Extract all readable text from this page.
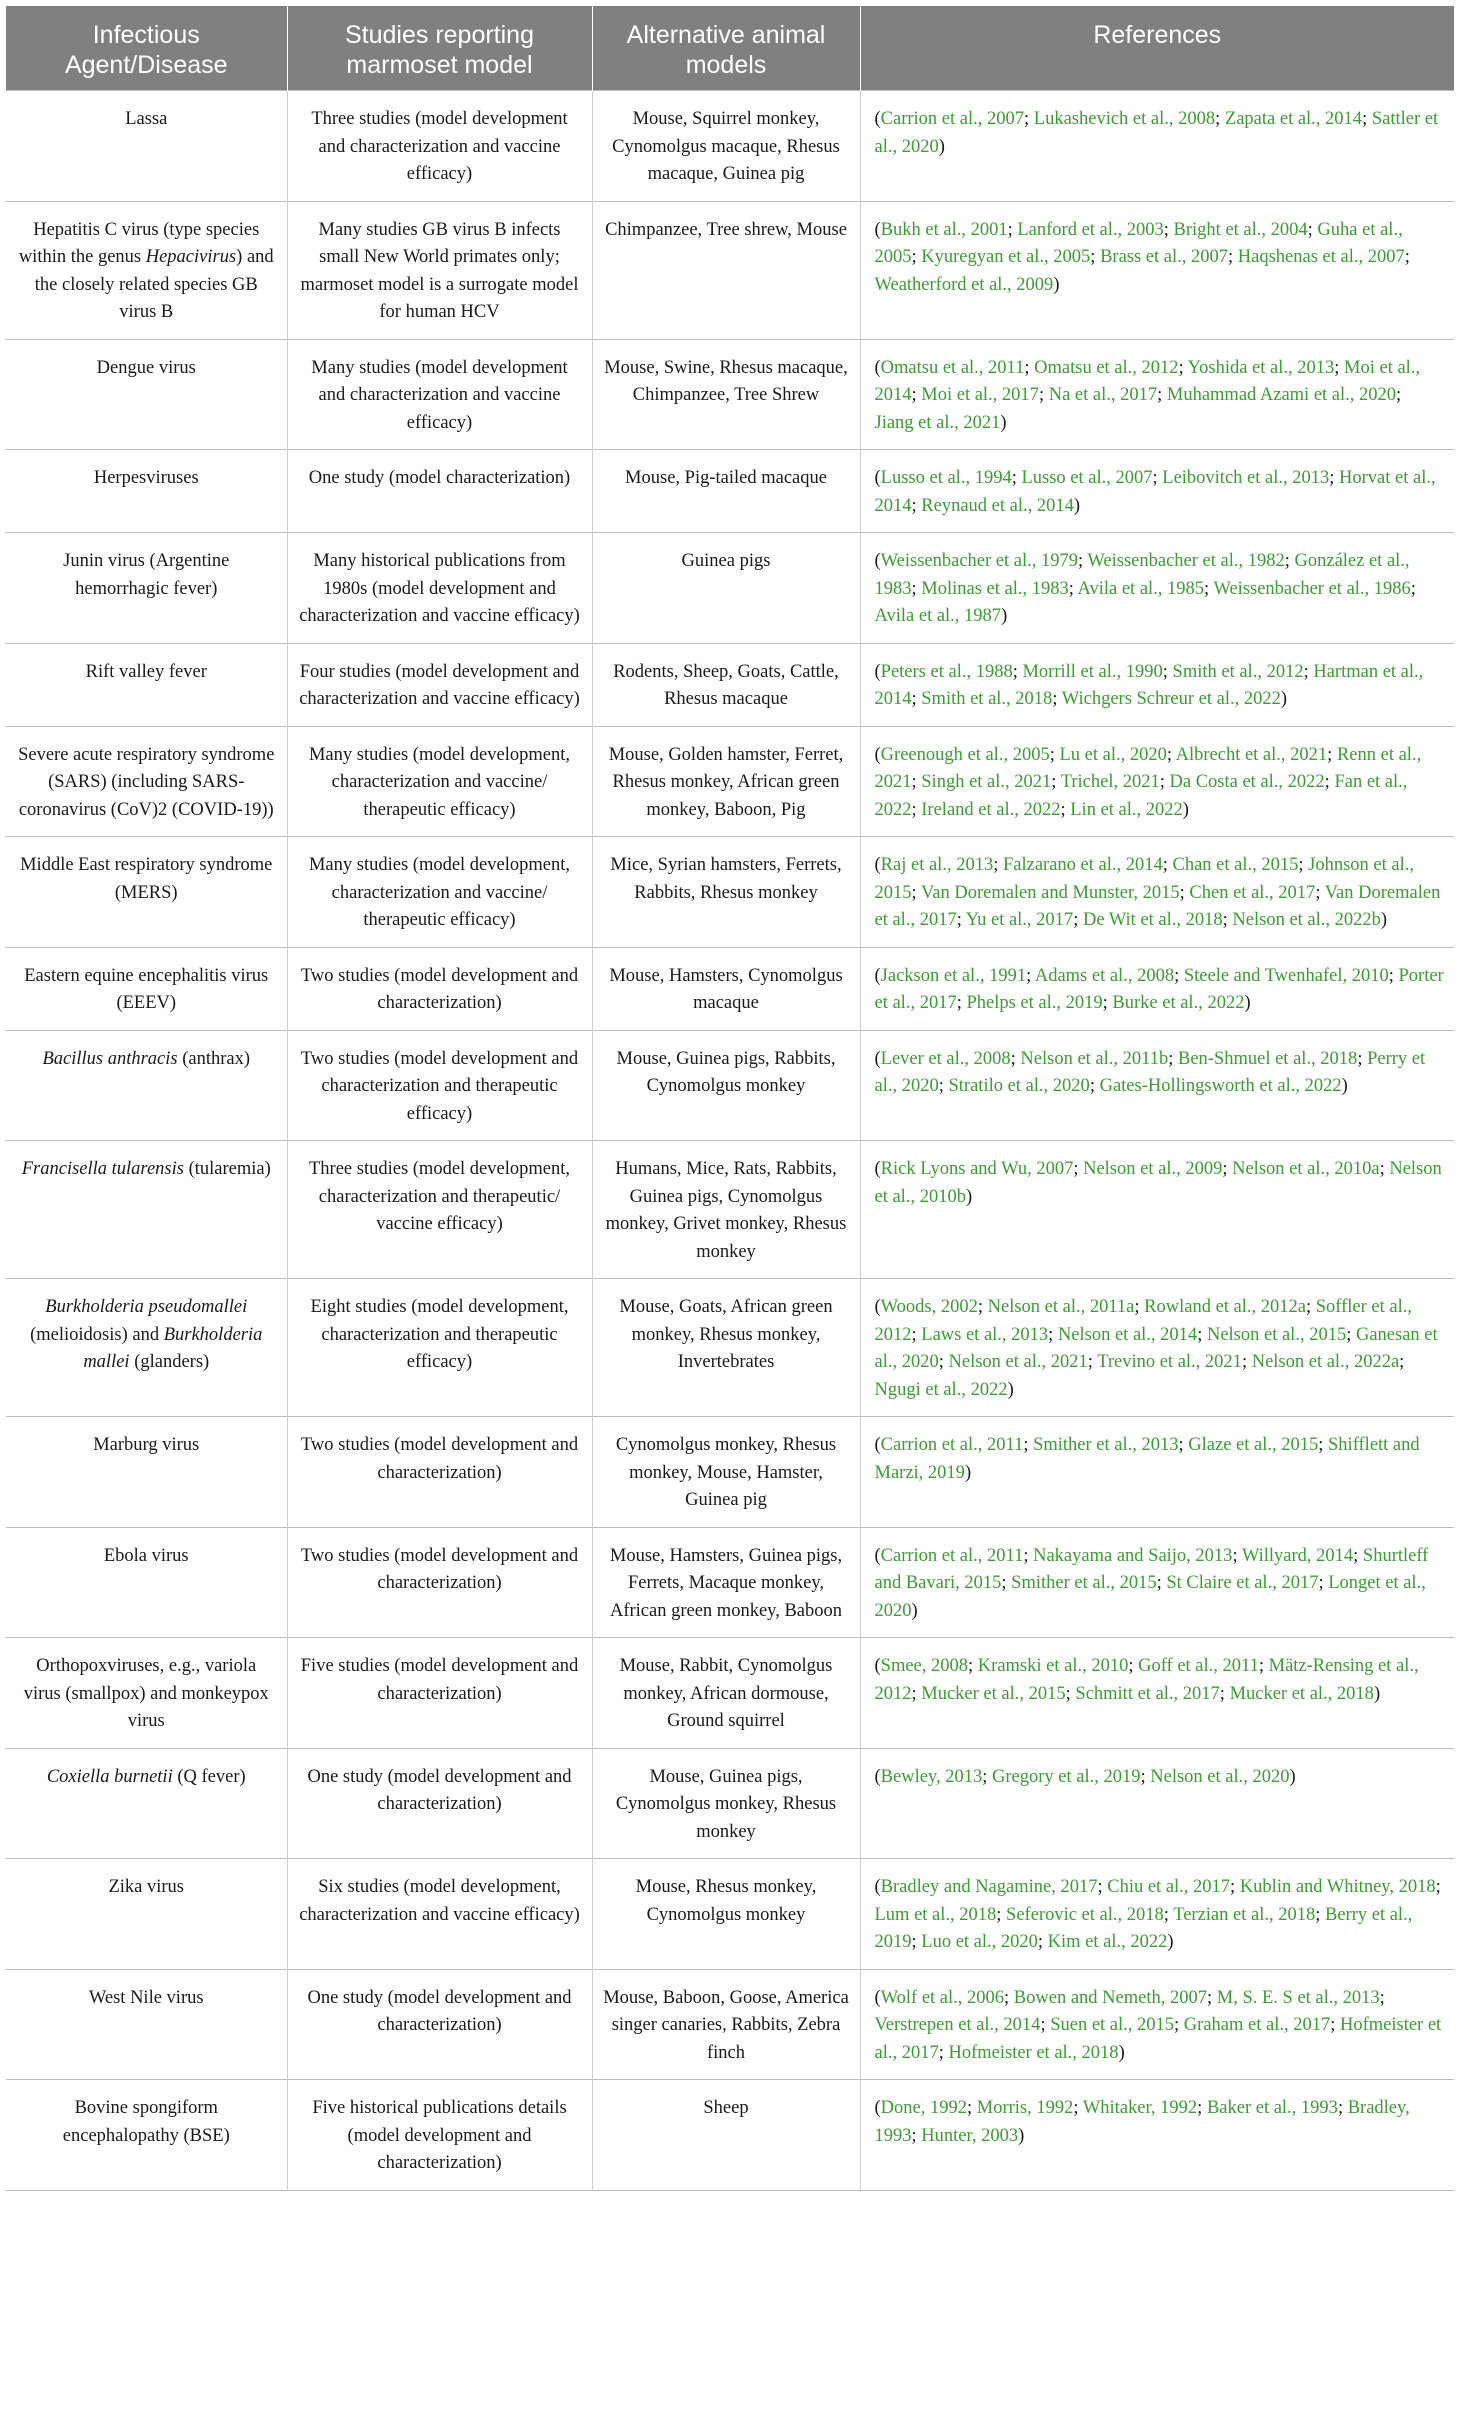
Infectious Agent/Disease	Studies reporting marmoset model	Alternative animal models	References
Lassa	Three studies (model development and characterization and vaccine efficacy)	Mouse, Squirrel monkey, Cynomolgus macaque, Rhesus macaque, Guinea pig	(Carrion et al., 2007; Lukashevich et al., 2008; Zapata et al., 2014; Sattler et al., 2020)
Hepatitis C virus (type species within the genus Hepacivirus) and the closely related species GB virus B	Many studies GB virus B infects small New World primates only; marmoset model is a surrogate model for human HCV	Chimpanzee, Tree shrew, Mouse	(Bukh et al., 2001; Lanford et al., 2003; Bright et al., 2004; Guha et al., 2005; Kyuregyan et al., 2005; Brass et al., 2007; Haqshenas et al., 2007; Weatherford et al., 2009)
Dengue virus	Many studies (model development and characterization and vaccine efficacy)	Mouse, Swine, Rhesus macaque, Chimpanzee, Tree Shrew	(Omatsu et al., 2011; Omatsu et al., 2012; Yoshida et al., 2013; Moi et al., 2014; Moi et al., 2017; Na et al., 2017; Muhammad Azami et al., 2020; Jiang et al., 2021)
Herpesviruses	One study (model characterization)	Mouse, Pig-tailed macaque	(Lusso et al., 1994; Lusso et al., 2007; Leibovitch et al., 2013; Horvat et al., 2014; Reynaud et al., 2014)
Junin virus (Argentine hemorrhagic fever)	Many historical publications from 1980s (model development and characterization and vaccine efficacy)	Guinea pigs	(Weissenbacher et al., 1979; Weissenbacher et al., 1982; González et al., 1983; Molinas et al., 1983; Avila et al., 1985; Weissenbacher et al., 1986; Avila et al., 1987)
Rift valley fever	Four studies (model development and characterization and vaccine efficacy)	Rodents, Sheep, Goats, Cattle, Rhesus macaque	(Peters et al., 1988; Morrill et al., 1990; Smith et al., 2012; Hartman et al., 2014; Smith et al., 2018; Wichgers Schreur et al., 2022)
Severe acute respiratory syndrome (SARS) (including SARS-coronavirus (CoV)2 (COVID-19))	Many studies (model development, characterization and vaccine/ therapeutic efficacy)	Mouse, Golden hamster, Ferret, Rhesus monkey, African green monkey, Baboon, Pig	(Greenough et al., 2005; Lu et al., 2020; Albrecht et al., 2021; Renn et al., 2021; Singh et al., 2021; Trichel, 2021; Da Costa et al., 2022; Fan et al., 2022; Ireland et al., 2022; Lin et al., 2022)
Middle East respiratory syndrome (MERS)	Many studies (model development, characterization and vaccine/ therapeutic efficacy)	Mice, Syrian hamsters, Ferrets, Rabbits, Rhesus monkey	(Raj et al., 2013; Falzarano et al., 2014; Chan et al., 2015; Johnson et al., 2015; Van Doremalen and Munster, 2015; Chen et al., 2017; Van Doremalen et al., 2017; Yu et al., 2017; De Wit et al., 2018; Nelson et al., 2022b)
Eastern equine encephalitis virus (EEEV)	Two studies (model development and characterization)	Mouse, Hamsters, Cynomolgus macaque	(Jackson et al., 1991; Adams et al., 2008; Steele and Twenhafel, 2010; Porter et al., 2017; Phelps et al., 2019; Burke et al., 2022)
Bacillus anthracis (anthrax)	Two studies (model development and characterization and therapeutic efficacy)	Mouse, Guinea pigs, Rabbits, Cynomolgus monkey	(Lever et al., 2008; Nelson et al., 2011b; Ben-Shmuel et al., 2018; Perry et al., 2020; Stratilo et al., 2020; Gates-Hollingsworth et al., 2022)
Francisella tularensis (tularemia)	Three studies (model development, characterization and therapeutic/ vaccine efficacy)	Humans, Mice, Rats, Rabbits, Guinea pigs, Cynomolgus monkey, Grivet monkey, Rhesus monkey	(Rick Lyons and Wu, 2007; Nelson et al., 2009; Nelson et al., 2010a; Nelson et al., 2010b)
Burkholderia pseudomallei (melioidosis) and Burkholderia mallei (glanders)	Eight studies (model development, characterization and therapeutic efficacy)	Mouse, Goats, African green monkey, Rhesus monkey, Invertebrates	(Woods, 2002; Nelson et al., 2011a; Rowland et al., 2012a; Soffler et al., 2012; Laws et al., 2013; Nelson et al., 2014; Nelson et al., 2015; Ganesan et al., 2020; Nelson et al., 2021; Trevino et al., 2021; Nelson et al., 2022a; Ngugi et al., 2022)
Marburg virus	Two studies (model development and characterization)	Cynomolgus monkey, Rhesus monkey, Mouse, Hamster, Guinea pig	(Carrion et al., 2011; Smither et al., 2013; Glaze et al., 2015; Shifflett and Marzi, 2019)
Ebola virus	Two studies (model development and characterization)	Mouse, Hamsters, Guinea pigs, Ferrets, Macaque monkey, African green monkey, Baboon	(Carrion et al., 2011; Nakayama and Saijo, 2013; Willyard, 2014; Shurtleff and Bavari, 2015; Smither et al., 2015; St Claire et al., 2017; Longet et al., 2020)
Orthopoxviruses, e.g., variola virus (smallpox) and monkeypox virus	Five studies (model development and characterization)	Mouse, Rabbit, Cynomolgus monkey, African dormouse, Ground squirrel	(Smee, 2008; Kramski et al., 2010; Goff et al., 2011; Mätz-Rensing et al., 2012; Mucker et al., 2015; Schmitt et al., 2017; Mucker et al., 2018)
Coxiella burnetii (Q fever)	One study (model development and characterization)	Mouse, Guinea pigs, Cynomolgus monkey, Rhesus monkey	(Bewley, 2013; Gregory et al., 2019; Nelson et al., 2020)
Zika virus	Six studies (model development, characterization and vaccine efficacy)	Mouse, Rhesus monkey, Cynomolgus monkey	(Bradley and Nagamine, 2017; Chiu et al., 2017; Kublin and Whitney, 2018; Lum et al., 2018; Seferovic et al., 2018; Terzian et al., 2018; Berry et al., 2019; Luo et al., 2020; Kim et al., 2022)
West Nile virus	One study (model development and characterization)	Mouse, Baboon, Goose, America singer canaries, Rabbits, Zebra finch	(Wolf et al., 2006; Bowen and Nemeth, 2007; M, S. E. S et al., 2013; Verstrepen et al., 2014; Suen et al., 2015; Graham et al., 2017; Hofmeister et al., 2017; Hofmeister et al., 2018)
Bovine spongiform encephalopathy (BSE)	Five historical publications details (model development and characterization)	Sheep	(Done, 1992; Morris, 1992; Whitaker, 1992; Baker et al., 1993; Bradley, 1993; Hunter, 2003)
